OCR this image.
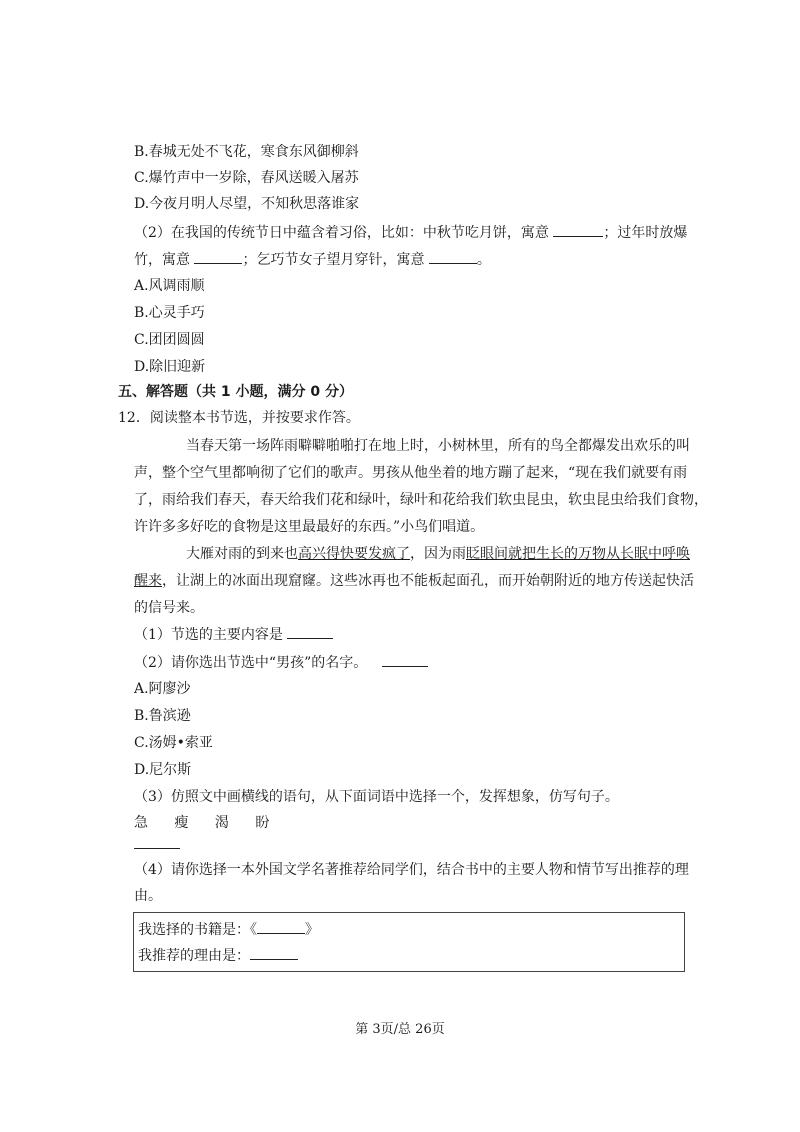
B.春城无处不飞花，寒食东风御柳斜
C.爆竹声中一岁除，春风送暖入屠苏
D.今夜月明人尽望，不知秋思落谁家
（2）在我国的传统节日中蕴含着习俗，比如：中秋节吃月饼，寓意	；过年时放爆
竹，寓意	；乞巧节女子望月穿针，寓意	。
A.风调雨顺
B.心灵手巧
C.团团圆圆
D.除旧迎新
五、解答题（共 1 小题，满分 0 分）
12．阅读整本书节选，并按要求作答。
当春天第一场阵雨噼噼啪啪打在地上时，小树林里，所有的鸟全都爆发出欢乐的叫
声，整个空气里都响彻了它们的歌声。男孩从他坐着的地方蹦了起来，“现在我们就要有雨
了，雨给我们春天，春天给我们花和绿叶，绿叶和花给我们软虫昆虫，软虫昆虫给我们食物，
许许多多好吃的食物是这里最最好的东西。”小鸟们唱道。
大雁对雨的到来也高兴得快要发疯了，因为雨眨眼间就把生长的万物从长眠中呼唤
醒来，让湖上的冰面出现窟窿。这些冰再也不能板起面孔，而开始朝附近的地方传送起快活
的信号来。
（1）节选的主要内容是
（2）请你选出节选中“男孩”的名字。
A.阿廖沙
B.鲁滨逊
C.汤姆•索亚
D.尼尔斯
（3）仿照文中画横线的语句，从下面词语中选择一个，发挥想象，仿写句子。
急 瘦 渴 盼
（4）请你选择一本外国文学名著推荐给同学们，结合书中的主要人物和情节写出推荐的理
由。
我选择的书籍是：《	》
我推荐的理由是：
第 3页/总 26页
